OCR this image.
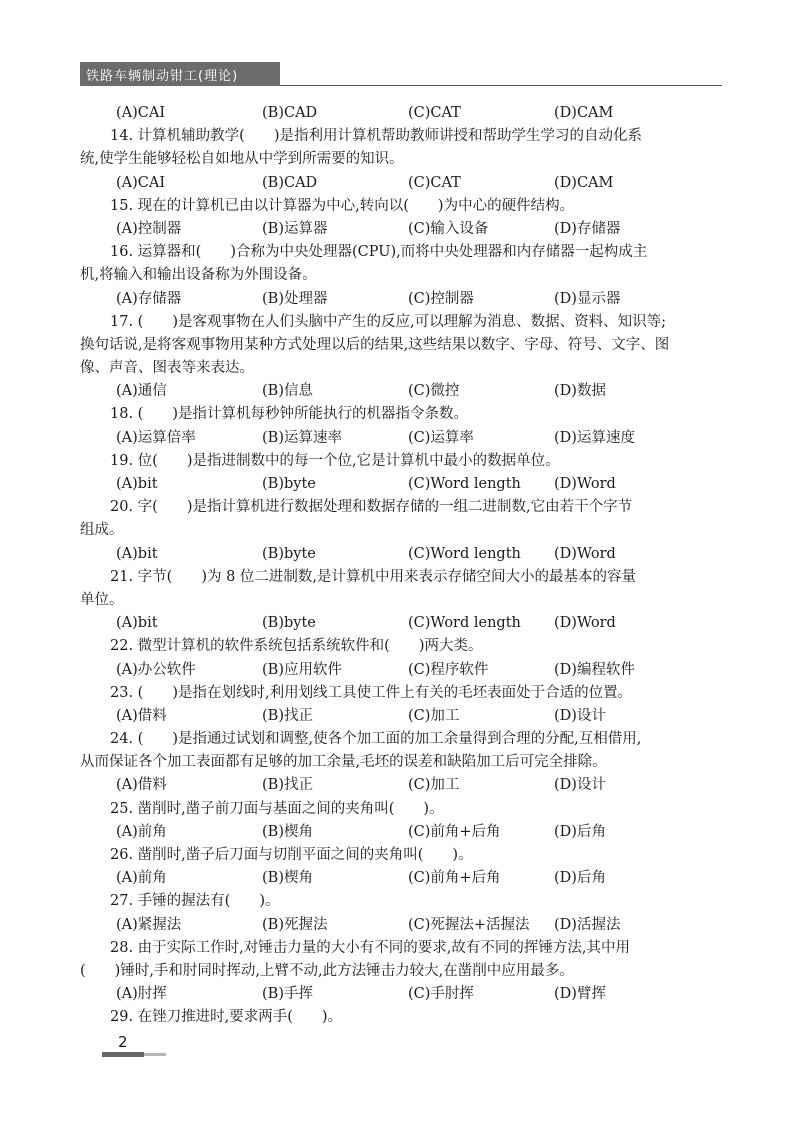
铁路车辆制动钳工(理论)
(A)CAI	(B)CAD	(C)CAT	(D)CAM
14. 计算机辅助教学(　　)是指利用计算机帮助教师讲授和帮助学生学习的自动化系
统,使学生能够轻松自如地从中学到所需要的知识。
(A)CAI	(B)CAD	(C)CAT	(D)CAM
15. 现在的计算机已由以计算器为中心,转向以(　　)为中心的硬件结构。
(A)控制器	(B)运算器	(C)输入设备	(D)存储器
16. 运算器和(　　)合称为中央处理器(CPU),而将中央处理器和内存储器一起构成主
机,将输入和输出设备称为外围设备。
(A)存储器	(B)处理器	(C)控制器	(D)显示器
17. (　　)是客观事物在人们头脑中产生的反应,可以理解为消息、数据、资料、知识等;
换句话说,是将客观事物用某种方式处理以后的结果,这些结果以数字、字母、符号、文字、图
像、声音、图表等来表达。
(A)通信	(B)信息	(C)微控	(D)数据
18. (　　)是指计算机每秒钟所能执行的机器指令条数。
(A)运算倍率	(B)运算速率	(C)运算率	(D)运算速度
19. 位(　　)是指进制数中的每一个位,它是计算机中最小的数据单位。
(A)bit	(B)byte	(C)Word length	(D)Word
20. 字(　　)是指计算机进行数据处理和数据存储的一组二进制数,它由若干个字节
组成。
(A)bit	(B)byte	(C)Word length	(D)Word
21. 字节(　　)为 8 位二进制数,是计算机中用来表示存储空间大小的最基本的容量
单位。
(A)bit	(B)byte	(C)Word length	(D)Word
22. 微型计算机的软件系统包括系统软件和(　　)两大类。
(A)办公软件	(B)应用软件	(C)程序软件	(D)编程软件
23. (　　)是指在划线时,利用划线工具使工件上有关的毛坯表面处于合适的位置。
(A)借料	(B)找正	(C)加工	(D)设计
24. (　　)是指通过试划和调整,使各个加工面的加工余量得到合理的分配,互相借用,
从而保证各个加工表面都有足够的加工余量,毛坯的误差和缺陷加工后可完全排除。
(A)借料	(B)找正	(C)加工	(D)设计
25. 凿削时,凿子前刀面与基面之间的夹角叫(　　)。
(A)前角	(B)楔角	(C)前角+后角	(D)后角
26. 凿削时,凿子后刀面与切削平面之间的夹角叫(　　)。
(A)前角	(B)楔角	(C)前角+后角	(D)后角
27. 手锤的握法有(　　)。
(A)紧握法	(B)死握法	(C)死握法+活握法	(D)活握法
28. 由于实际工作时,对锤击力量的大小有不同的要求,故有不同的挥锤方法,其中用
(　　)锤时,手和肘同时挥动,上臂不动,此方法锤击力较大,在凿削中应用最多。
(A)肘挥	(B)手挥	(C)手肘挥	(D)臂挥
29. 在锉刀推进时,要求两手(　　)。
2
